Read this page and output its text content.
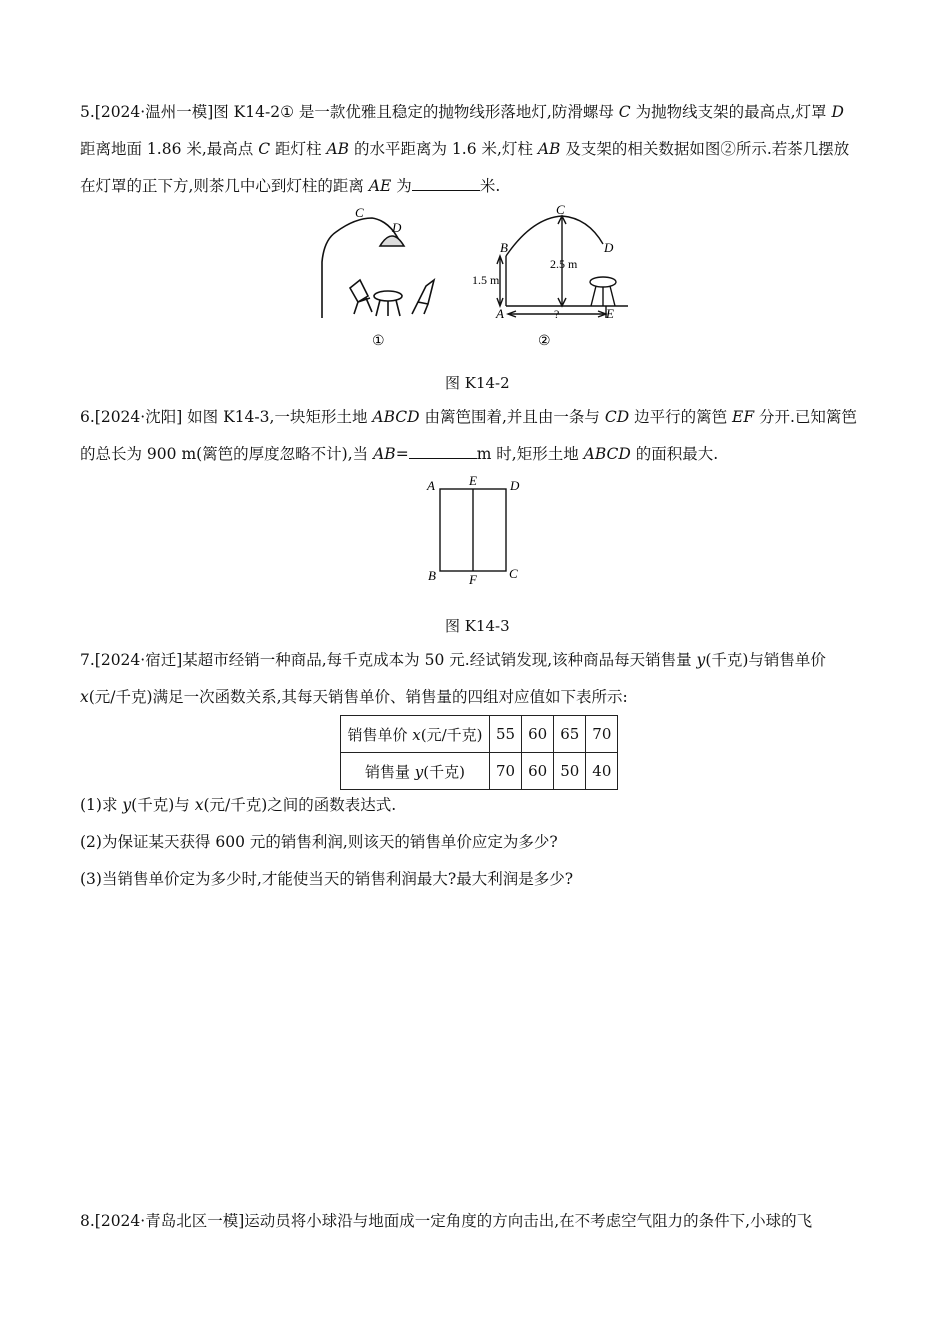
5.[2024·温州一模]图 K14-2① 是一款优雅且稳定的抛物线形落地灯,防滑螺母 C 为抛物线支架的最高点,灯罩 D
距离地面 1.86 米,最高点 C 距灯柱 AB 的水平距离为 1.6 米,灯柱 AB 及支架的相关数据如图②所示.若茶几摆放
在灯罩的正下方,则茶几中心到灯柱的距离 AE 为	米.
C
D
①
C
D
B
A	E
1.5 m
2.5 m
?
②
图 K14-2
6.[2024·沈阳] 如图 K14-3,一块矩形土地 ABCD 由篱笆围着,并且由一条与 CD 边平行的篱笆 EF 分开.已知篱笆
的总长为 900 m(篱笆的厚度忽略不计),当 AB=	m 时,矩形土地 ABCD 的面积最大.
A	E	D
B	F C
图 K14-3
7.[2024·宿迁]某超市经销一种商品,每千克成本为 50 元.经试销发现,该种商品每天销售量 y(千克)与销售单价
x(元/千克)满足一次函数关系,其每天销售单价、销售量的四组对应值如下表所示:
销售单价 x(元/千克)	55	60	65	70
销售量 y(千克)	70	60	50	40
(1)求 y(千克)与 x(元/千克)之间的函数表达式.
(2)为保证某天获得 600 元的销售利润,则该天的销售单价应定为多少?
(3)当销售单价定为多少时,才能使当天的销售利润最大?最大利润是多少?
8.[2024·青岛北区一模]运动员将小球沿与地面成一定角度的方向击出,在不考虑空气阻力的条件下,小球的飞
